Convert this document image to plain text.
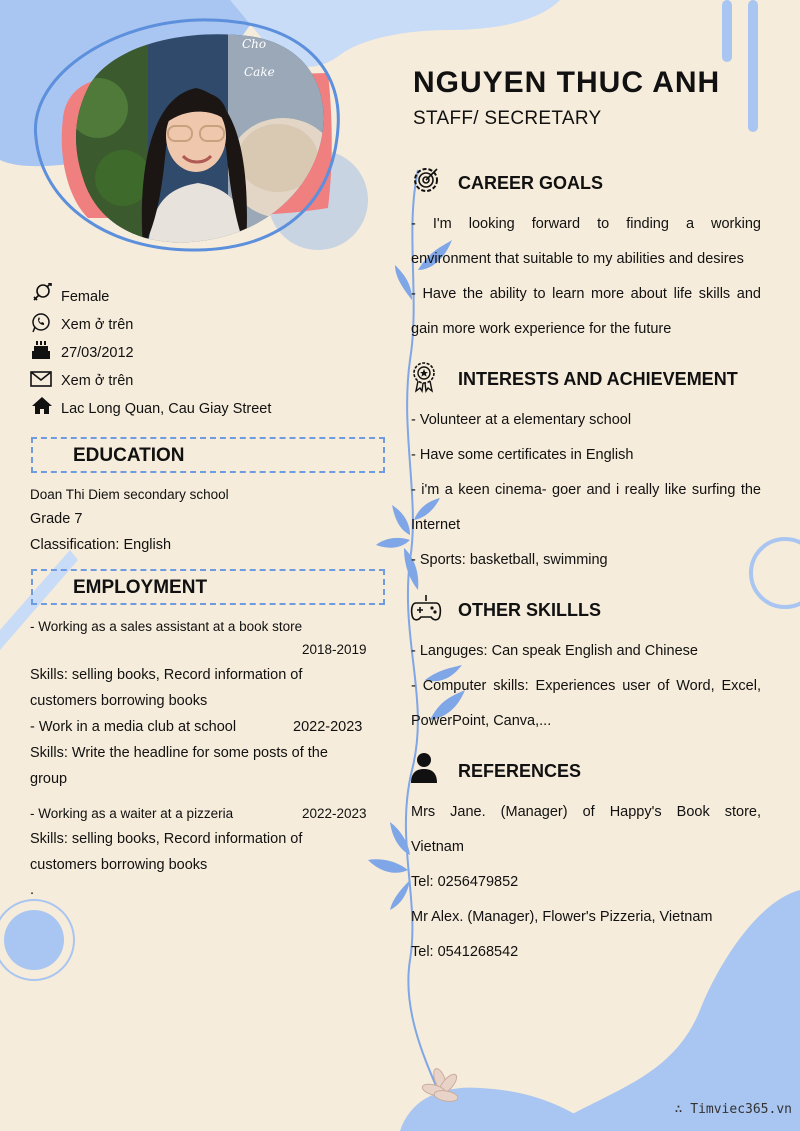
Cho
Cake	NGUYEN THUC ANH
STAFF/ SECRETARY
Female
Xem ở trên
27/03/2012
Xem ở trên
Lac Long Quan, Cau Giay Street
EDUCATION
Doan Thi Diem secondary school
Grade 7
Classification: English
EMPLOYMENT
- Working as a sales assistant at a book store
2018-2019
Skills: selling books, Record information of
customers borrowing books
- Work in a media club at school	2022-2023
Skills: Write the headline for some posts of the
group
- Working as a waiter at a pizzeria	2022-2023
Skills: selling books, Record information of
customers borrowing books
.
CAREER GOALS
- I'm looking forward to finding a working
environment that suitable to my abilities and desires
- Have the ability to learn more about life skills and
gain more work experience for the future
INTERESTS AND ACHIEVEMENT
- Volunteer at a elementary school
- Have some certificates in English
- i'm a keen cinema- goer and i really like surfing the
Internet
- Sports: basketball, swimming
OTHER SKILLLS
- Languges: Can speak English and Chinese
- Computer skills: Experiences user of Word, Excel,
PowerPoint, Canva,...
REFERENCES
Mrs Jane. (Manager) of Happy's Book store,
Vietnam
Tel: 0256479852
Mr Alex. (Manager), Flower's Pizzeria, Vietnam
Tel: 0541268542
∴ Timviec365.vn
